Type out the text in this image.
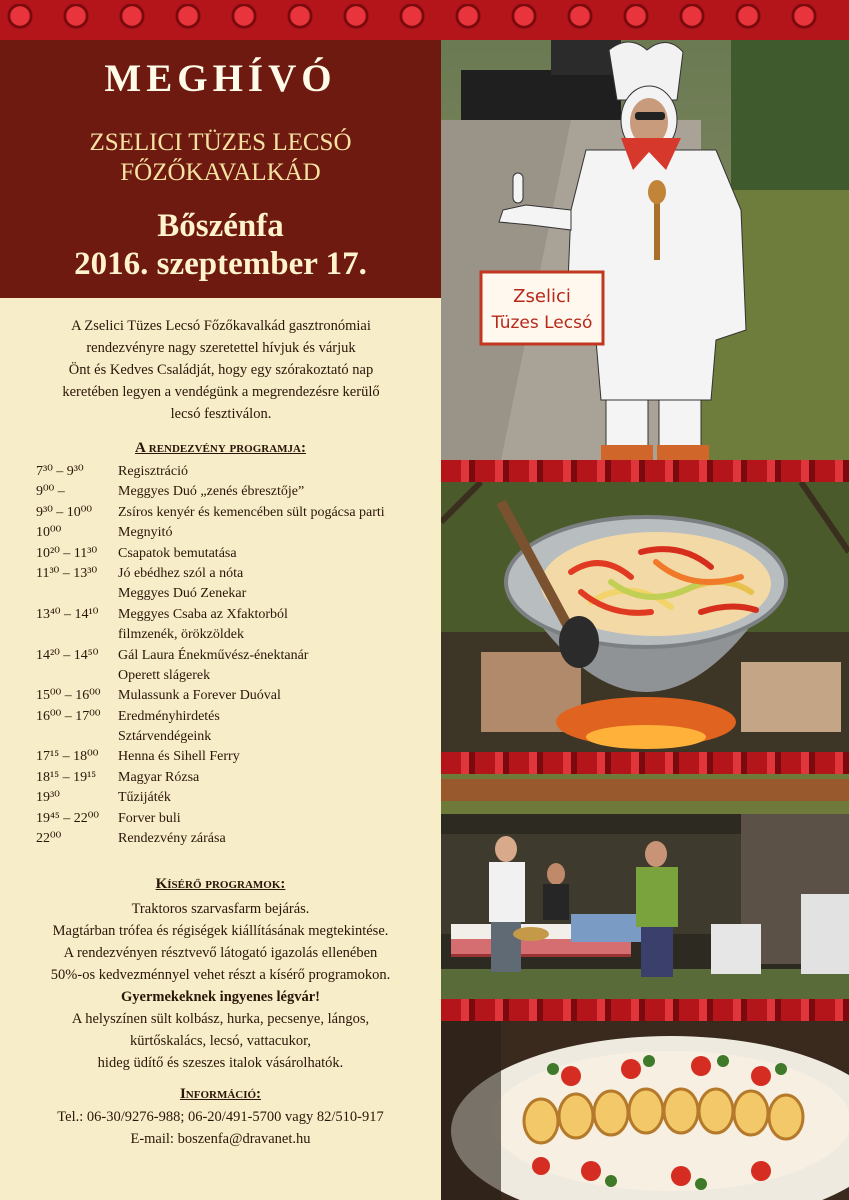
MEGHÍVÓ
ZSELICI TÜZES LECSÓ
FŐZŐKAVALKÁD
Bőszénfa
2016. szeptember 17.
A Zselici Tüzes Lecsó Főzőkavalkád gasztronómiai
rendezvényre nagy szeretettel hívjuk és várjuk
Önt és Kedves Családját, hogy egy szórakoztató nap
keretében legyen a vendégünk a megrendezésre kerülő
lecsó fesztiválon.
A rendezvény programja:
7³⁰ – 9³⁰	Regisztráció
9⁰⁰ –	Meggyes Duó „zenés ébresztője”
9³⁰ – 10⁰⁰	Zsíros kenyér és kemencében sült pogácsa parti
10⁰⁰	Megnyitó
10²⁰ – 11³⁰	Csapatok bemutatása
11³⁰ – 13³⁰	Jó ebédhez szól a nóta
Meggyes Duó Zenekar
13⁴⁰ – 14¹⁰	Meggyes Csaba az Xfaktorból
filmzenék, örökzöldek
14²⁰ – 14⁵⁰	Gál Laura Énekművész-énektanár
Operett slágerek
15⁰⁰ – 16⁰⁰	Mulassunk a Forever Duóval
16⁰⁰ – 17⁰⁰	Eredményhirdetés
Sztárvendégeink
17¹⁵ – 18⁰⁰	Henna és Sihell Ferry
18¹⁵ – 19¹⁵	Magyar Rózsa
19³⁰	Tűzijáték
19⁴⁵ – 22⁰⁰	Forver buli
22⁰⁰	Rendezvény zárása
Kísérő programok:
Traktoros szarvasfarm bejárás.
Magtárban trófea és régiségek kiállításának megtekintése.
A rendezvényen résztvevő látogató igazolás ellenében
50%-os kedvezménnyel vehet részt a kísérő programokon.
Gyermekeknek ingyenes légvár!
A helyszínen sült kolbász, hurka, pecsenye, lángos,
kürtőskalács, lecsó, vattacukor,
hideg üdítő és szeszes italok vásárolhatók.
Információ:
Tel.: 06-30/9276-988; 06-20/491-5700 vagy 82/510-917
E-mail: boszenfa@dravanet.hu
Zselici
Tüzes Lecsó
